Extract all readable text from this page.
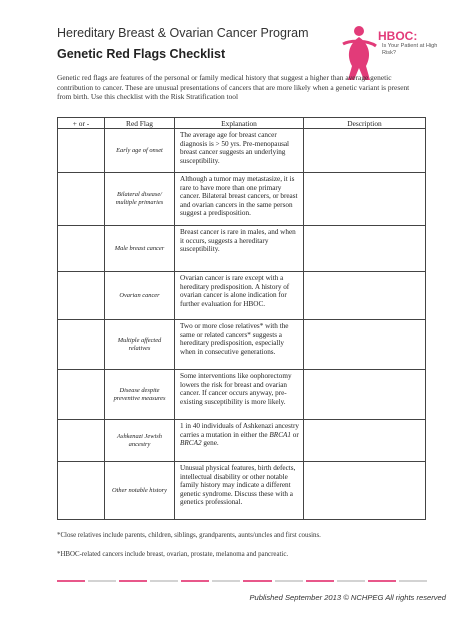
Hereditary Breast & Ovarian Cancer Program
Genetic Red Flags Checklist
HBOC:
Is Your Patient at High Risk?
Genetic red flags are features of the personal or family medical history that suggest a higher than average genetic contribution to cancer. These are unusual presentations of cancers that are more likely when a genetic variant is present from birth. Use this checklist with the Risk Stratification tool
+ or -	Red Flag	Explanation	Description
	Early age of onset	The average age for breast cancer diagnosis is > 50 yrs. Pre-menopausal breast cancer suggests an underlying susceptibility.	
	Bilateral disease/ multiple primaries	Although a tumor may metastasize, it is rare to have more than one primary cancer. Bilateral breast cancers, or breast and ovarian cancers in the same person suggest a predisposition.	
	Male breast cancer	Breast cancer is rare in males, and when it occurs, suggests a hereditary susceptibility.	
	Ovarian cancer	Ovarian cancer is rare except with a hereditary predisposition. A history of ovarian cancer is alone indication for further evaluation for HBOC.	
	Multiple affected relatives	Two or more close relatives* with the same or related cancers* suggests a hereditary predisposition, especially when in consecutive generations.	
	Disease despite preventive measures	Some interventions like oophorectomy lowers the risk for breast and ovarian cancer. If cancer occurs anyway, pre-existing susceptibility is more likely.	
	Ashkenazi Jewish ancestry	1 in 40 individuals of Ashkenazi ancestry carries a mutation in either the BRCA1 or BRCA2 gene.	
	Other notable history	Unusual physical features, birth defects, intellectual disability or other notable family history may indicate a different genetic syndrome. Discuss these with a genetics professional.	

*Close relatives include parents, children, siblings, grandparents, aunts/uncles and first cousins.

*HBOC-related cancers include breast, ovarian, prostate, melanoma and pancreatic.

Published September 2013 © NCHPEG All rights reserved
